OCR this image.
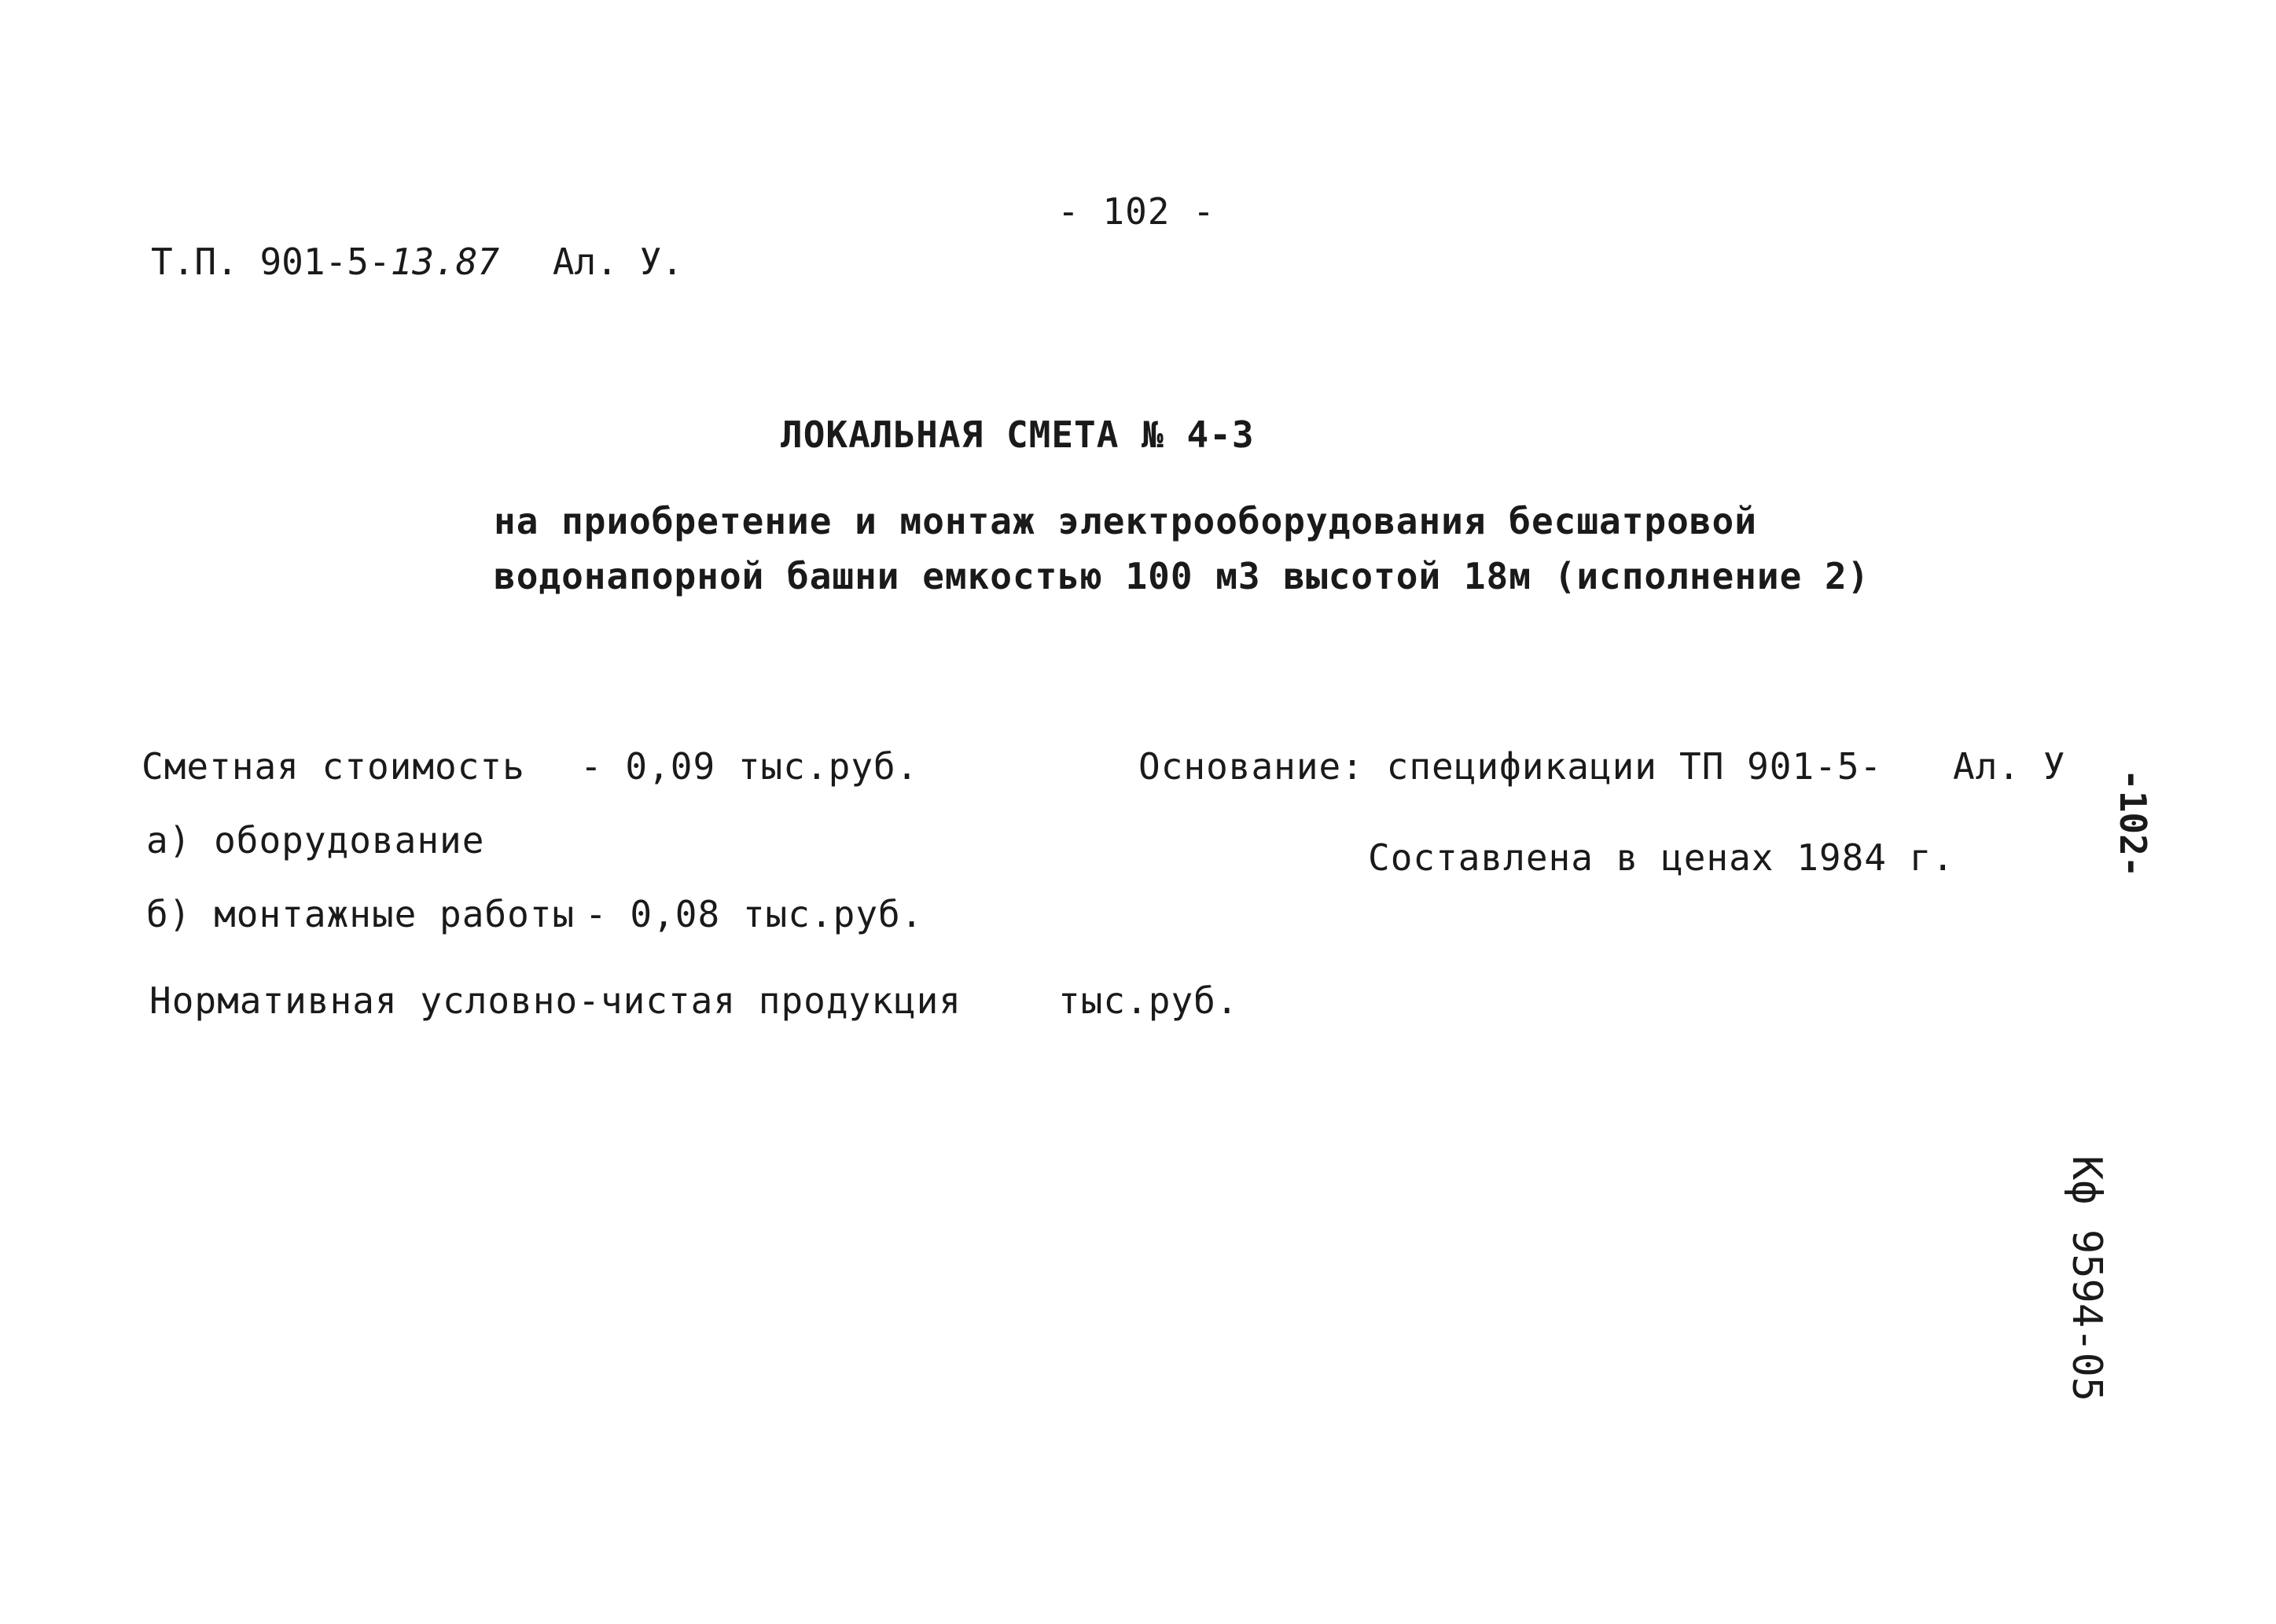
- 102 -
Т.П. 901-5-13.87 Ал. У.
ЛОКАЛЬНАЯ СМЕТА № 4-3
на приобретение и монтаж электрооборудования бесшатровой
водонапорной башни емкостью 100 м3 высотой 18м (исполнение 2)
Сметная стоимость - 0,09 тыс.руб.
а) оборудование
б) монтажные работы - 0,08 тыс.руб.
Нормативная условно-чистая продукция	тыс.руб.
Основание: спецификации ТП 901-5- Ал. У
Составлена в ценах 1984 г.	-102-
Кф 9594-05
